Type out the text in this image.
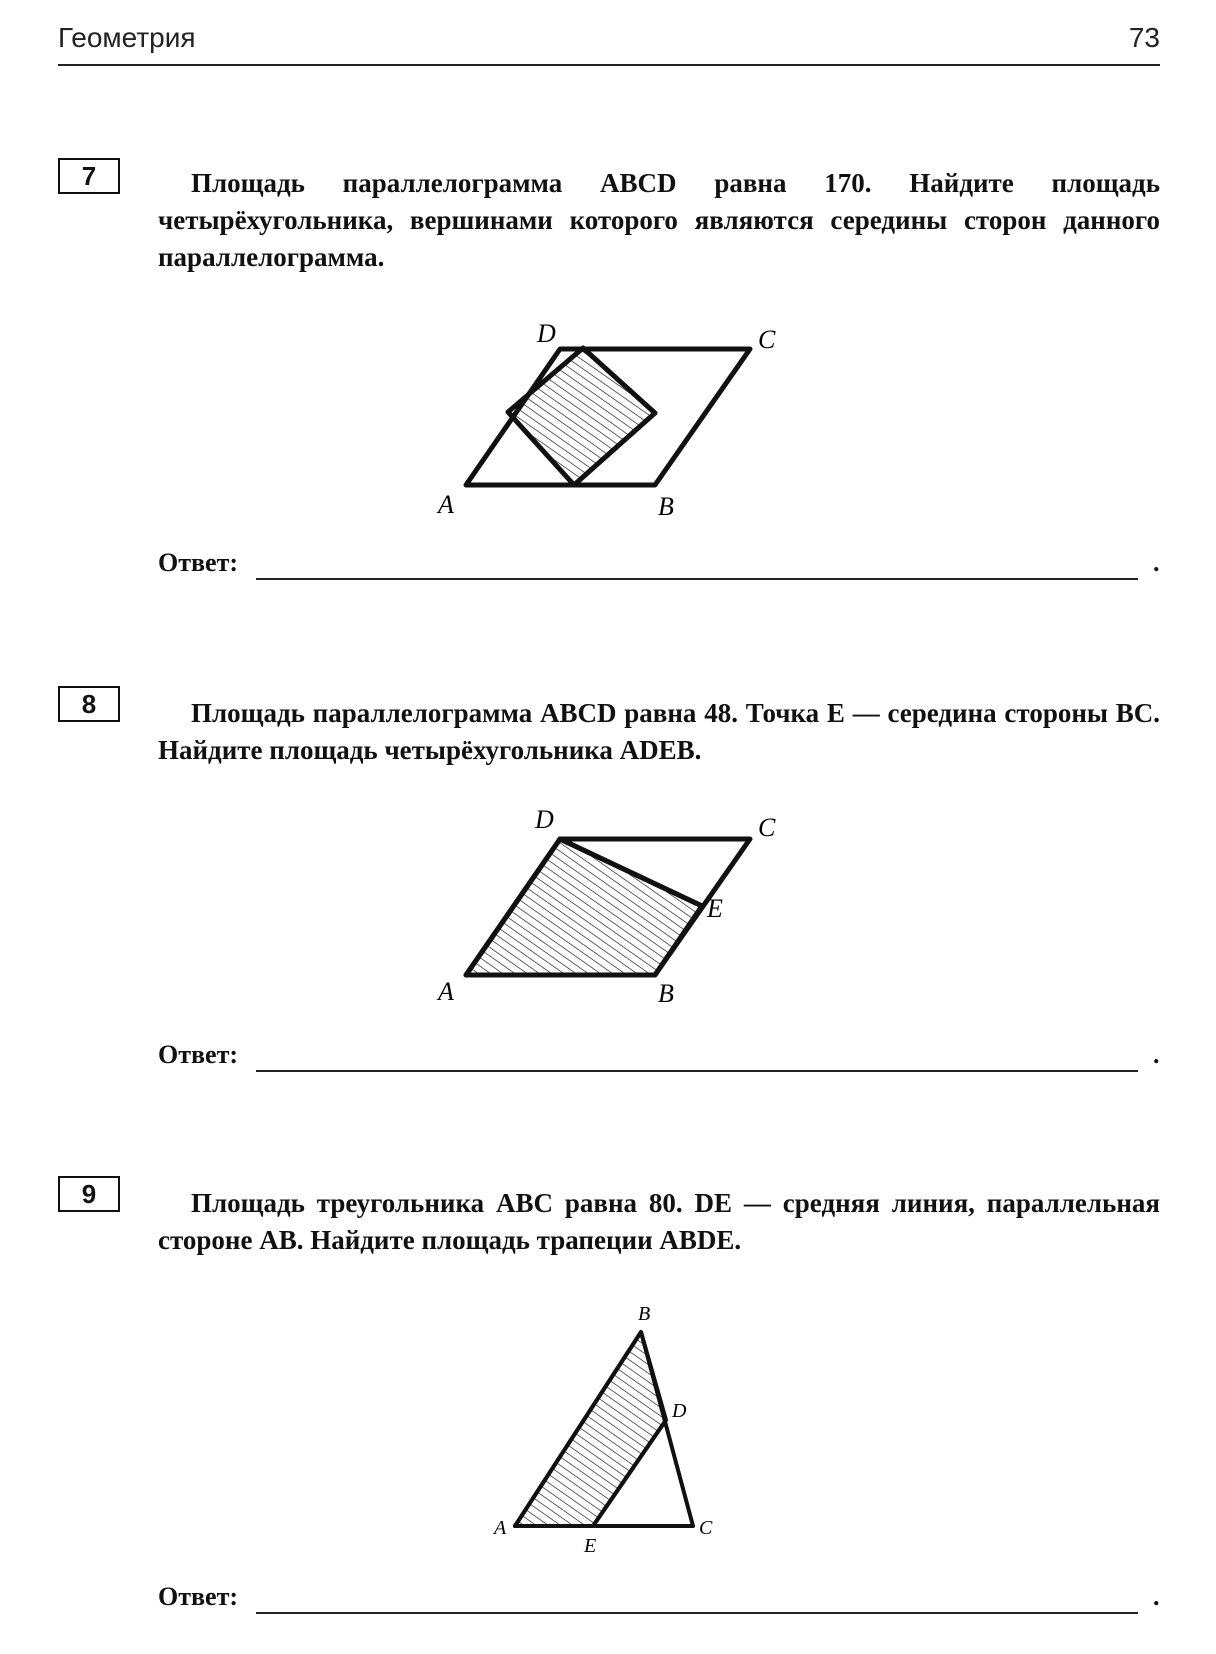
Геометрия	73
7	Площадь параллелограмма ABCD равна 170. Найдите площадь четырёхугольника, вершинами которого являются середины сторон данного параллелограмма.
A	B
C
D
Ответ:	.
8	Площадь параллелограмма ABCD равна 48. Точка E — середина стороны BC. Найдите площадь четырёхугольника ADEB.
A	B
C
D
E
Ответ:	.
9	Площадь треугольника ABC равна 80. DE — средняя линия, параллельная стороне AB. Найдите площадь трапеции ABDE.
A
B
C
D
E
Ответ:	.
